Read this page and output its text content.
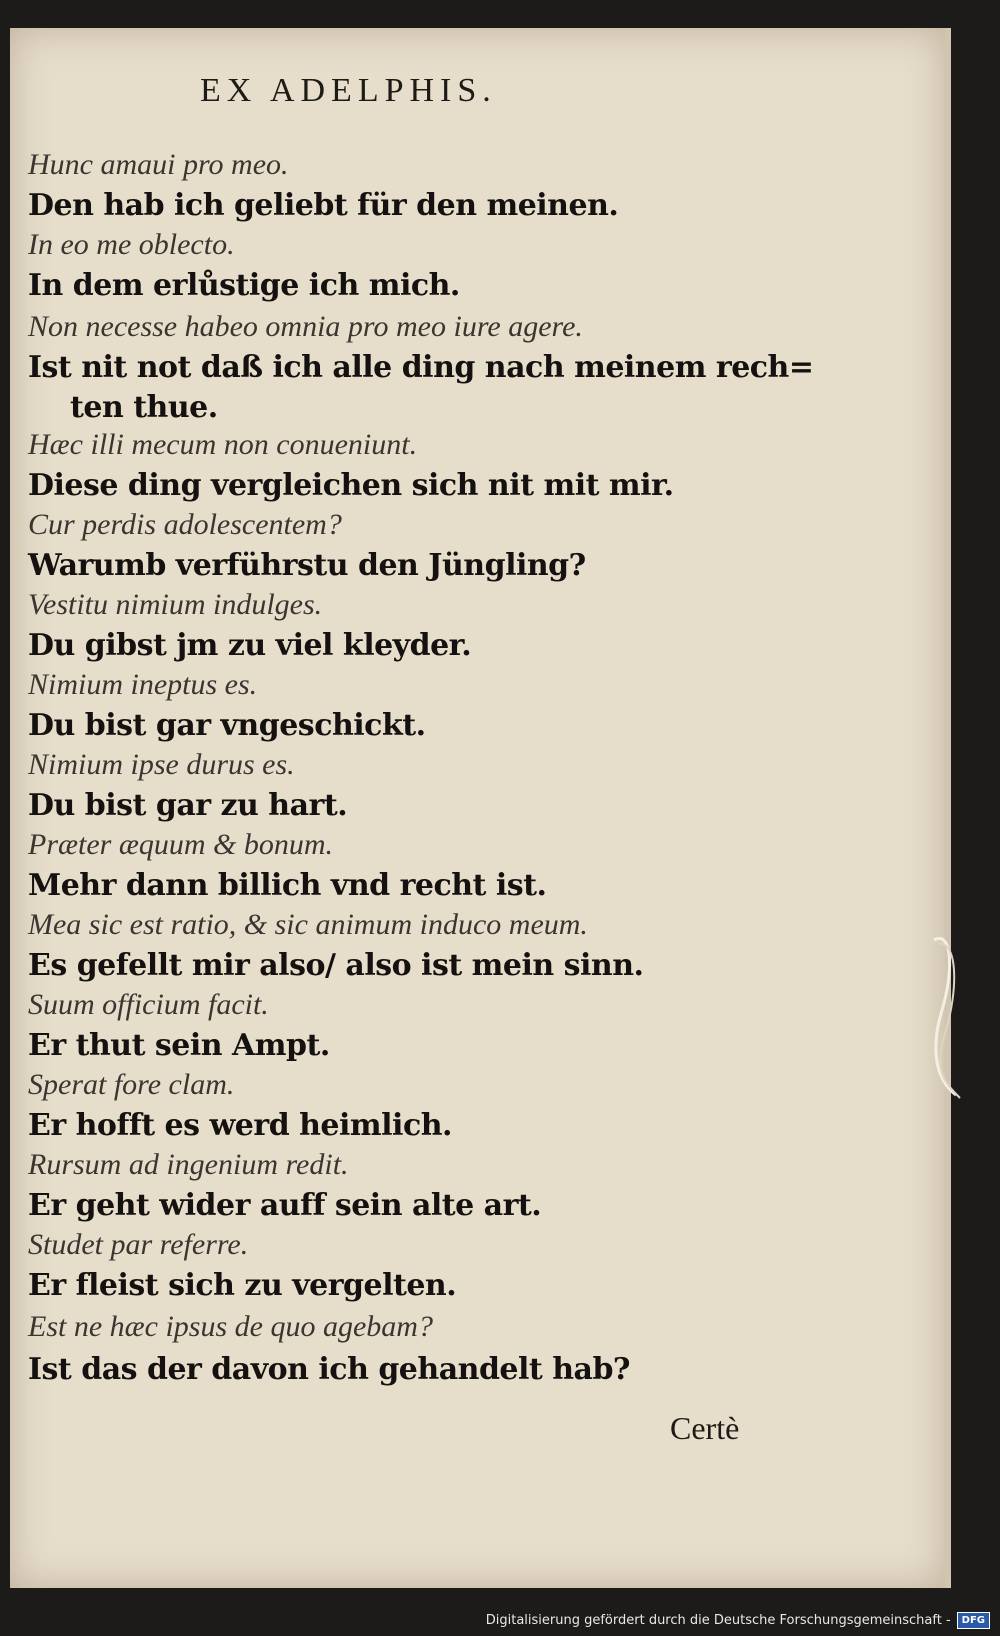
EX ADELPHIS.
Hunc amaui pro meo.
Den hab ich geliebt für den meinen.
In eo me oblecto.
In dem erlůstige ich mich.
Non necesse habeo omnia pro meo iure agere.
Ist nit not daß ich alle ding nach meinem rech=
ten thue.
Hæc illi mecum non conueniunt.
Diese ding vergleichen sich nit mit mir.
Cur perdis adolescentem?
Warumb verführstu den Jüngling?
Vestitu nimium indulges.
Du gibst jm zu viel kleyder.
Nimium ineptus es.
Du bist gar vngeschickt.
Nimium ipse durus es.
Du bist gar zu hart.
Præter æquum & bonum.
Mehr dann billich vnd recht ist.
Mea sic est ratio, & sic animum induco meum.
Es gefellt mir also/ also ist mein sinn.
Suum officium facit.
Er thut sein Ampt.
Sperat fore clam.
Er hofft es werd heimlich.
Rursum ad ingenium redit.
Er geht wider auff sein alte art.
Studet par referre.
Er fleist sich zu vergelten.
Est ne hæc ipsus de quo agebam?
Ist das der davon ich gehandelt hab?
Certè
Digitalisierung gefördert durch die Deutsche Forschungsgemeinschaft -	DFG
